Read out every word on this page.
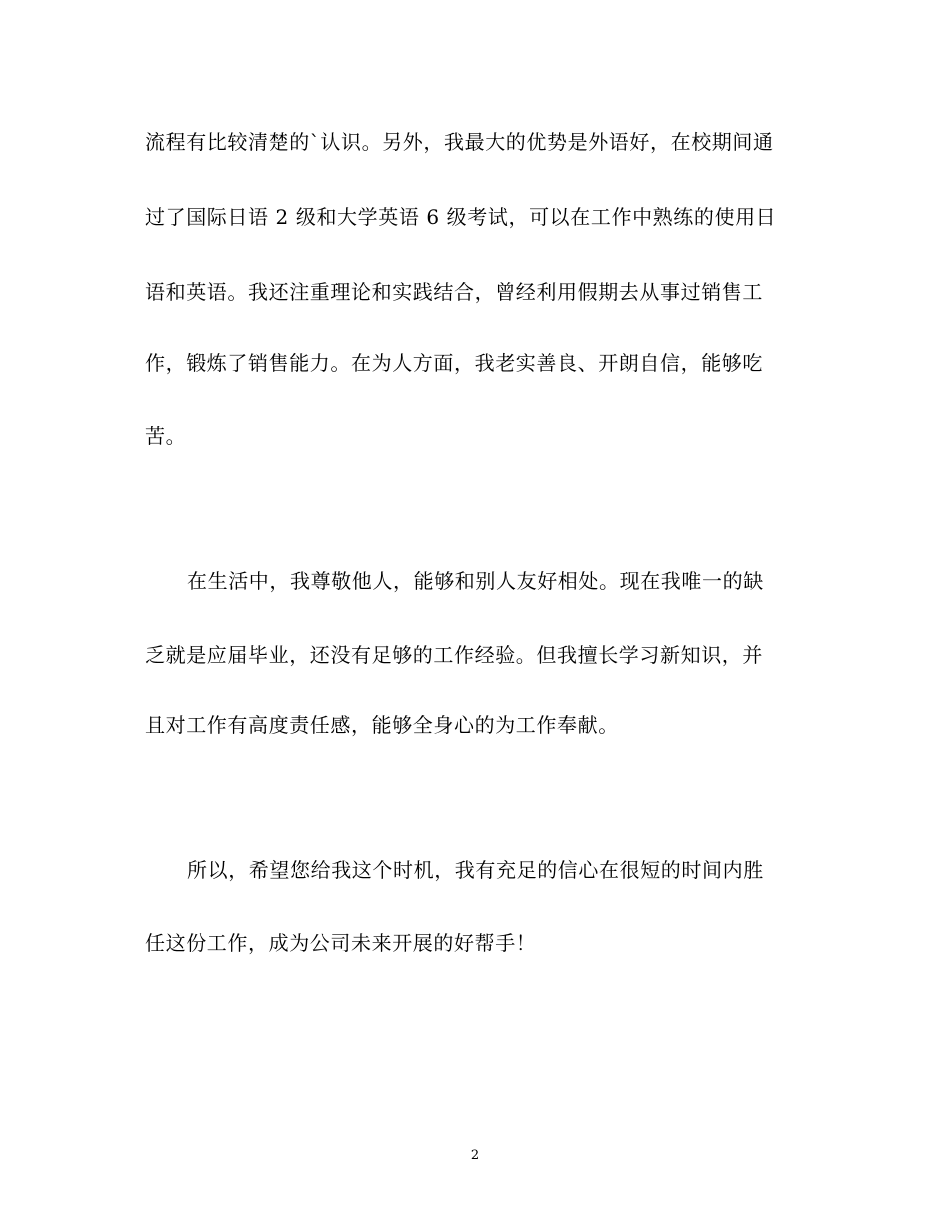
流程有比较清楚的`认识。另外，我最大的优势是外语好，在校期间通
过了国际日语 2 级和大学英语 6 级考试，可以在工作中熟练的使用日
语和英语。我还注重理论和实践结合，曾经利用假期去从事过销售工
作，锻炼了销售能力。在为人方面，我老实善良、开朗自信，能够吃
苦。
在生活中，我尊敬他人，能够和别人友好相处。现在我唯一的缺
乏就是应届毕业，还没有足够的工作经验。但我擅长学习新知识，并
且对工作有高度责任感，能够全身心的为工作奉献。
所以，希望您给我这个时机，我有充足的信心在很短的时间内胜
任这份工作，成为公司未来开展的好帮手！
2
